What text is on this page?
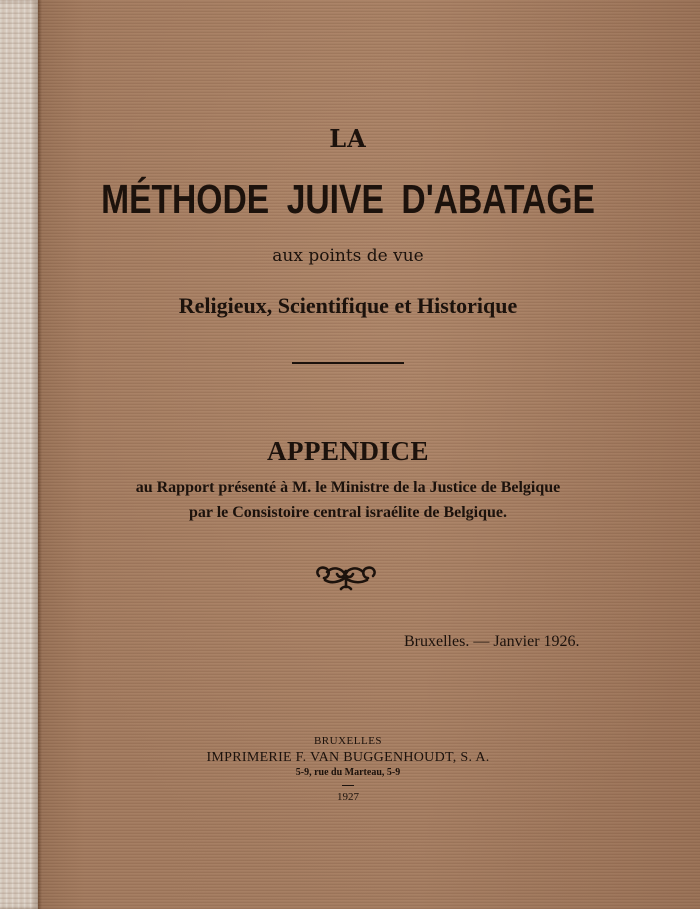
LA
MÉTHODE JUIVE D'ABATAGE
aux points de vue
Religieux, Scientifique et Historique
APPENDICE
au Rapport présenté à M. le Ministre de la Justice de Belgique
par le Consistoire central israélite de Belgique.
Bruxelles. — Janvier 1926.
BRUXELLES
IMPRIMERIE F. VAN BUGGENHOUDT, S. A.
5-9, rue du Marteau, 5-9
1927
